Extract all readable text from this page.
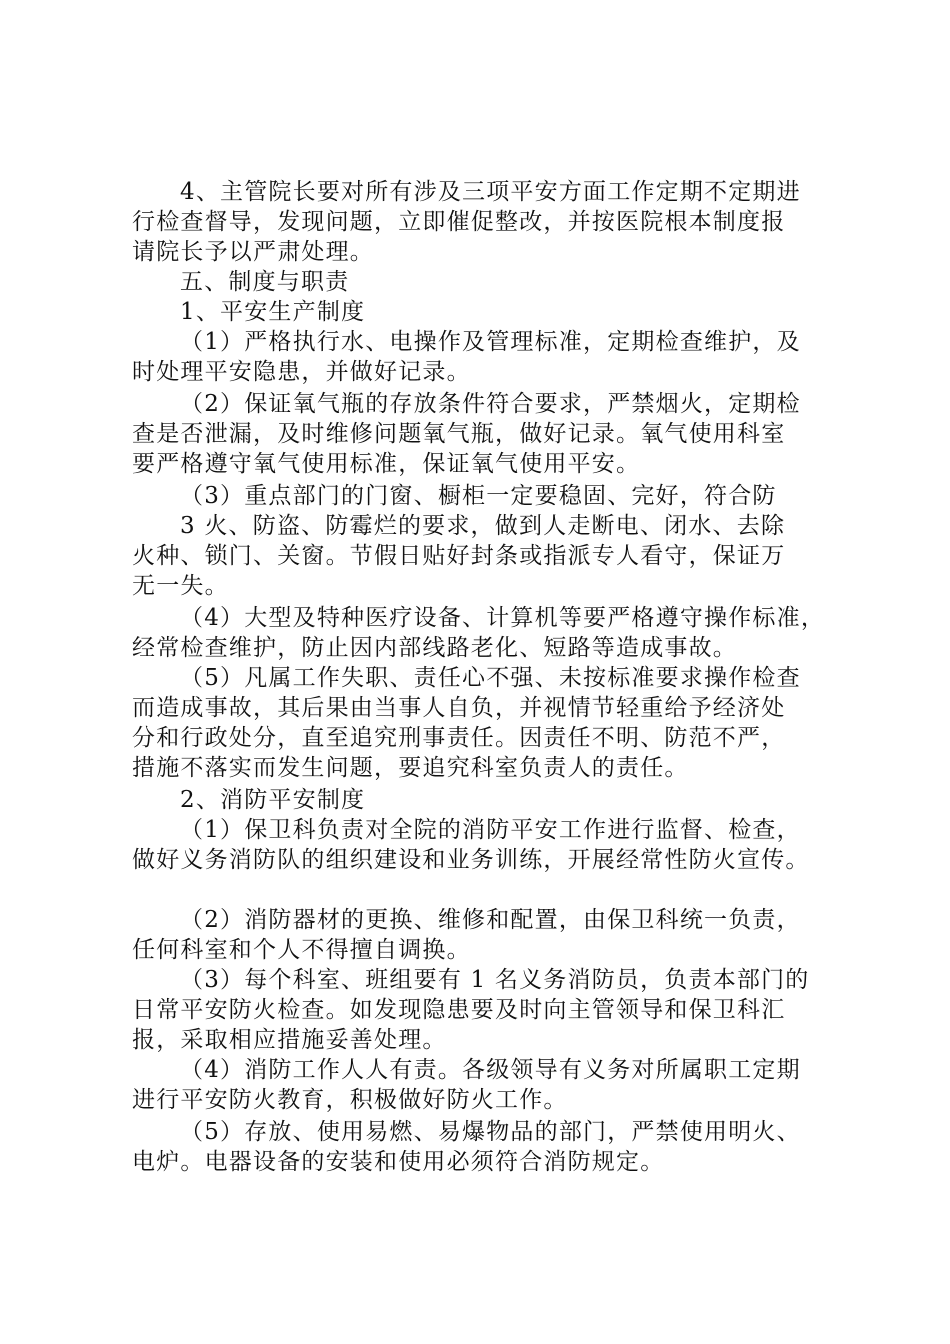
4、主管院长要对所有涉及三项平安方面工作定期不定期进
行检查督导，发现问题，立即催促整改，并按医院根本制度报
请院长予以严肃处理。
五、制度与职责
1、平安生产制度
（1）严格执行水、电操作及管理标准，定期检查维护，及
时处理平安隐患，并做好记录。
（2）保证氧气瓶的存放条件符合要求，严禁烟火，定期检
查是否泄漏，及时维修问题氧气瓶，做好记录。氧气使用科室
要严格遵守氧气使用标准，保证氧气使用平安。
（3）重点部门的门窗、橱柜一定要稳固、完好，符合防
3 火、防盗、防霉烂的要求，做到人走断电、闭水、去除
火种、锁门、关窗。节假日贴好封条或指派专人看守，保证万
无一失。
（4）大型及特种医疗设备、计算机等要严格遵守操作标准，
经常检查维护，防止因内部线路老化、短路等造成事故。
（5）凡属工作失职、责任心不强、未按标准要求操作检查
而造成事故，其后果由当事人自负，并视情节轻重给予经济处
分和行政处分，直至追究刑事责任。因责任不明、防范不严，
措施不落实而发生问题，要追究科室负责人的责任。
2、消防平安制度
（1）保卫科负责对全院的消防平安工作进行监督、检查，
做好义务消防队的组织建设和业务训练，开展经常性防火宣传。
（2）消防器材的更换、维修和配置，由保卫科统一负责，
任何科室和个人不得擅自调换。
（3）每个科室、班组要有 1 名义务消防员，负责本部门的
日常平安防火检查。如发现隐患要及时向主管领导和保卫科汇
报，采取相应措施妥善处理。
（4）消防工作人人有责。各级领导有义务对所属职工定期
进行平安防火教育，积极做好防火工作。
（5）存放、使用易燃、易爆物品的部门，严禁使用明火、
电炉。电器设备的安装和使用必须符合消防规定。
